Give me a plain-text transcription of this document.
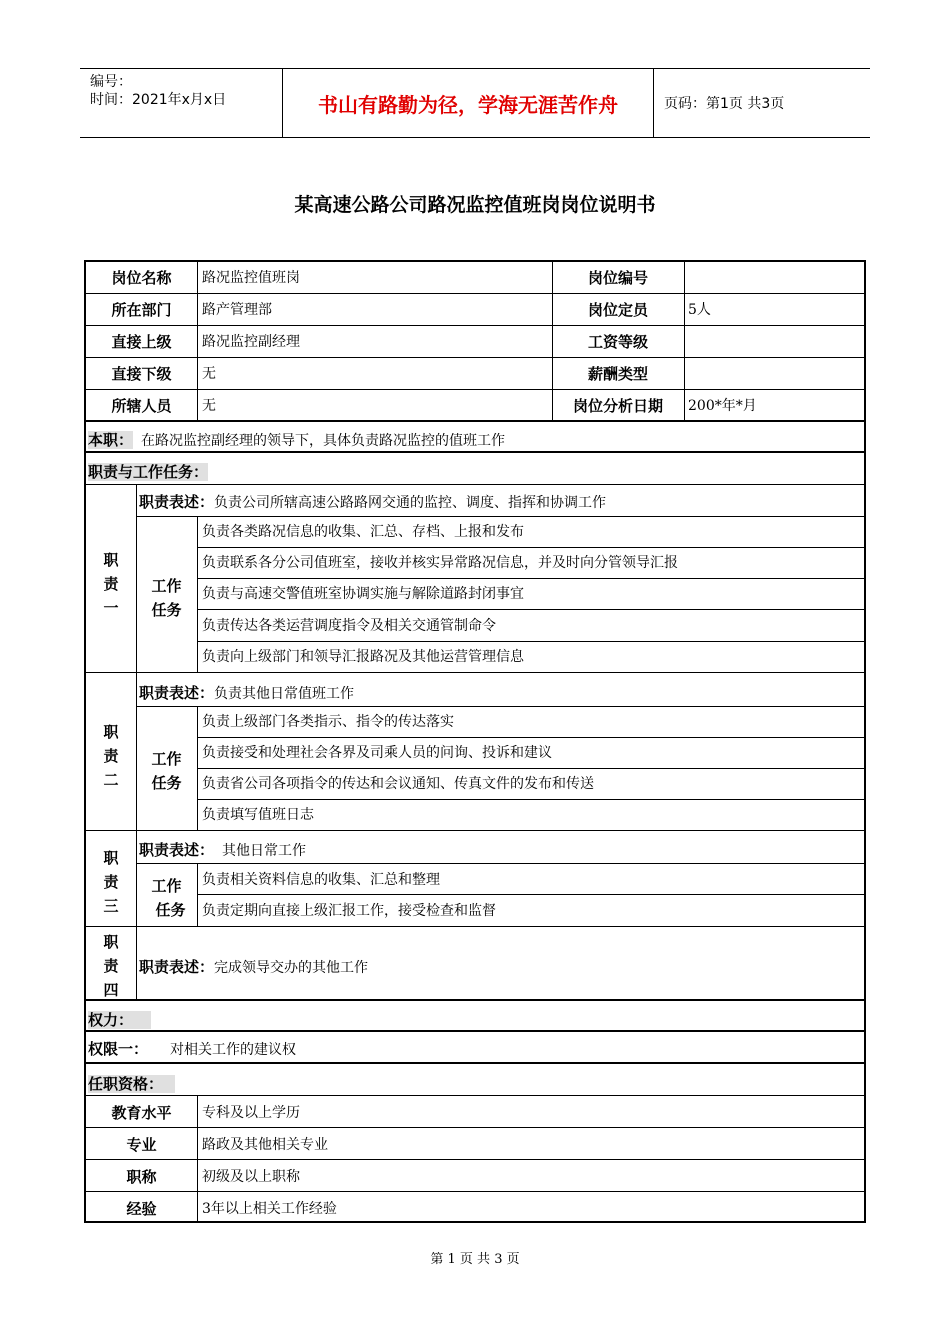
编号：
时间：2021年x月x日	书山有路勤为径，学海无涯苦作舟	页码：第1页 共3页
某高速公路公司路况监控值班岗岗位说明书
岗位名称	路况监控值班岗	岗位编号
所在部门	路产管理部	岗位定员	5人
直接上级	路况监控副经理	工资等级
直接下级	无	薪酬类型
所辖人员	无	岗位分析日期	200*年*月
本职： 在路况监控副经理的领导下，具体负责路况监控的值班工作
职责与工作任务：
职
责
一
职责表述：负责公司所辖高速公路路网交通的监控、调度、指挥和协调工作
工作
任务
负责各类路况信息的收集、汇总、存档、上报和发布
负责联系各分公司值班室，接收并核实异常路况信息，并及时向分管领导汇报
负责与高速交警值班室协调实施与解除道路封闭事宜
负责传达各类运营调度指令及相关交通管制命令
负责向上级部门和领导汇报路况及其他运营管理信息
职
责
二
职责表述：负责其他日常值班工作
工作
任务
负责上级部门各类指示、指令的传达落实
负责接受和处理社会各界及司乘人员的问询、投诉和建议
负责省公司各项指令的传达和会议通知、传真文件的发布和传送
负责填写值班日志
职
责
三
职责表述： 其他日常工作
工作
任务
负责相关资料信息的收集、汇总和整理
负责定期向直接上级汇报工作，接受检查和监督
职
责
四
职责表述：完成领导交办的其他工作
权力：
权限一： 对相关工作的建议权
任职资格：
教育水平	专科及以上学历
专业	路政及其他相关专业
职称	初级及以上职称
经验	3年以上相关工作经验
第 1 页 共 3 页
